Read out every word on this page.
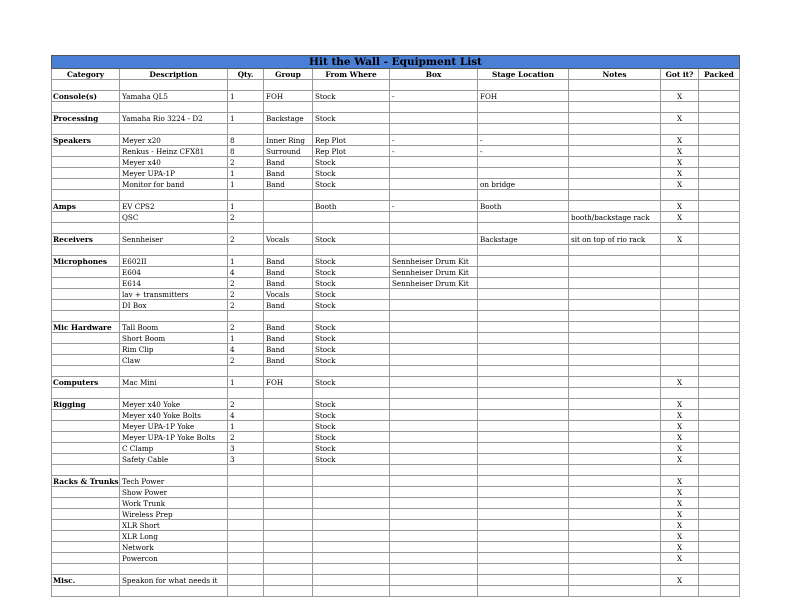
Hit the Wall - Equipment List									
Category	Description	Qty.	Group	From Where	Box	Stage Location	Notes	Got it?	Packed

Console(s)	Yamaha QL5	1	FOH	Stock	-	FOH		X	

Processing	Yamaha Rio 3224 - D2	1	Backstage	Stock				X	

Speakers	Meyer x20	8	Inner Ring	Rep Plot	-	-		X	
	Renkus - Heinz CFX81	8	Surround	Rep Plot	-	-		X	
	Meyer x40	2	Band	Stock				X	
	Meyer UPA-1P	1	Band	Stock				X	
	Monitor for band	1	Band	Stock		on bridge		X	

Amps	EV CPS2	1		Booth	-	Booth		X	
	QSC	2					booth/backstage rack	X	

Receivers	Sennheiser	2	Vocals	Stock		Backstage	sit on top of rio rack	X	

Microphones	E602II	1	Band	Stock	Sennheiser Drum Kit				
	E604	4	Band	Stock	Sennheiser Drum Kit				
	E614	2	Band	Stock	Sennheiser Drum Kit				
	lav + transmitters	2	Vocals	Stock					
	DI Box	2	Band	Stock					

Mic Hardware	Tall Boom	2	Band	Stock					
	Short Boom	1	Band	Stock					
	Rim Clip	4	Band	Stock					
	Claw	2	Band	Stock					

Computers	Mac Mini	1	FOH	Stock				X	

Rigging	Meyer x40 Yoke	2		Stock				X	
	Meyer x40 Yoke Bolts	4		Stock				X	
	Meyer UPA-1P Yoke	1		Stock				X	
	Meyer UPA-1P Yoke Bolts	2		Stock				X	
	C Clamp	3		Stock				X	
	Safety Cable	3		Stock				X	

Racks & Trunks	Tech Power							X	
	Show Power							X	
	Work Trunk							X	
	Wireless Prep							X	
	XLR Short							X	
	XLR Long							X	
	Network							X	
	Powercon							X	

Misc.	Speakon for what needs it							X	
